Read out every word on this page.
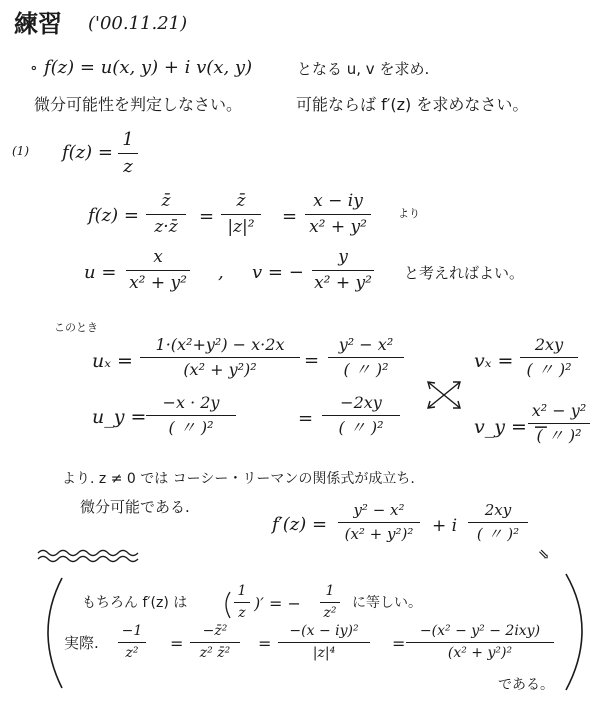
練習 ('00.11.21)
∘ f(z) = u(x, y) + i v(x, y)	となる u, v を求め.
微分可能性を判定しなさい。	可能ならば f′(z) を求めなさい。
(1) f(z) =
1
z
f(z) =
z̄
z·z̄ =
z̄
|z|² =
x − iy
x² + y²
より
u =
x
x² + y² , v = −
y
x² + y² と考えればよい。
このとき
uₓ =
1·(x²+y²) − x·2x
(x² + y²)²	=
y² − x²
( 〃 )²	vₓ =
2xy
( 〃 )²
u_y =
−x · 2y
( 〃 )²	=
−2xy
( 〃 )²	v_y = −
x² − y²
( 〃 )²
より. z ≠ 0 では コーシー・リーマンの関係式が成立ち.
微分可能である.
f′(z) =
y² − x²
(x² + y²)² + i
2xy
( 〃 )²
⇘
もちろん f′(z) は
1
z
)′ = −
1
z²
に等しい。
実際.
−1
z²
=
−z̄²
z² z̄²
=
−(x − iy)²
|z|⁴
=
−(x² − y² − 2ixy)
(x² + y²)²
である。
